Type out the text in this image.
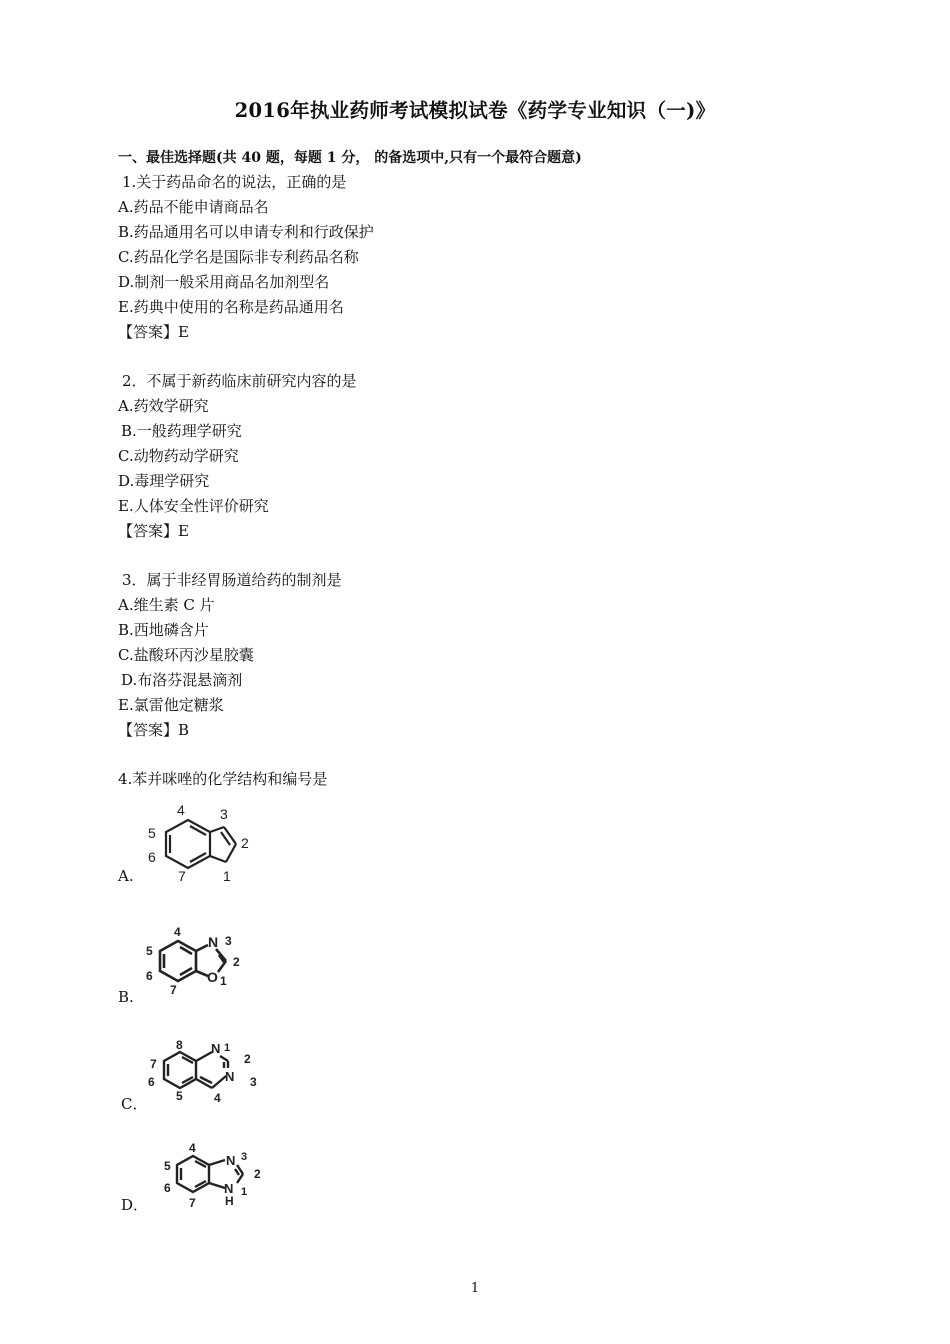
2016年执业药师考试模拟试卷《药学专业知识（一)》
一、最佳选择题(共 40 题，每题 1 分， 的备选项中,只有一个最符合题意)
1.关于药品命名的说法，正确的是
A.药品不能申请商品名
B.药品通用名可以申请专利和行政保护
C.药品化学名是国际非专利药品名称
D.制剂一般采用商品名加剂型名
E.药典中使用的名称是药品通用名
【答案】E
2．不属于新药临床前研究内容的是
A.药效学研究
B.一般药理学研究
C.动物药动学研究
D.毒理学研究
E.人体安全性评价研究
【答案】E
3．属于非经胃肠道给药的制剂是
A.维生素 C 片
B.西地磷含片
C.盐酸环丙沙星胶囊
D.布洛芬混悬滴剂
E.氯雷他定糖浆
【答案】B
4.苯并咪唑的化学结构和编号是
A.
4	3
2
5
6
7	1
B.
4
N 3
2
O 1
5
6
7
C．
8 N 1
2
N 3
4
5
6
7
D．
4
N 3
2
N 1
H
5
6
7
1
